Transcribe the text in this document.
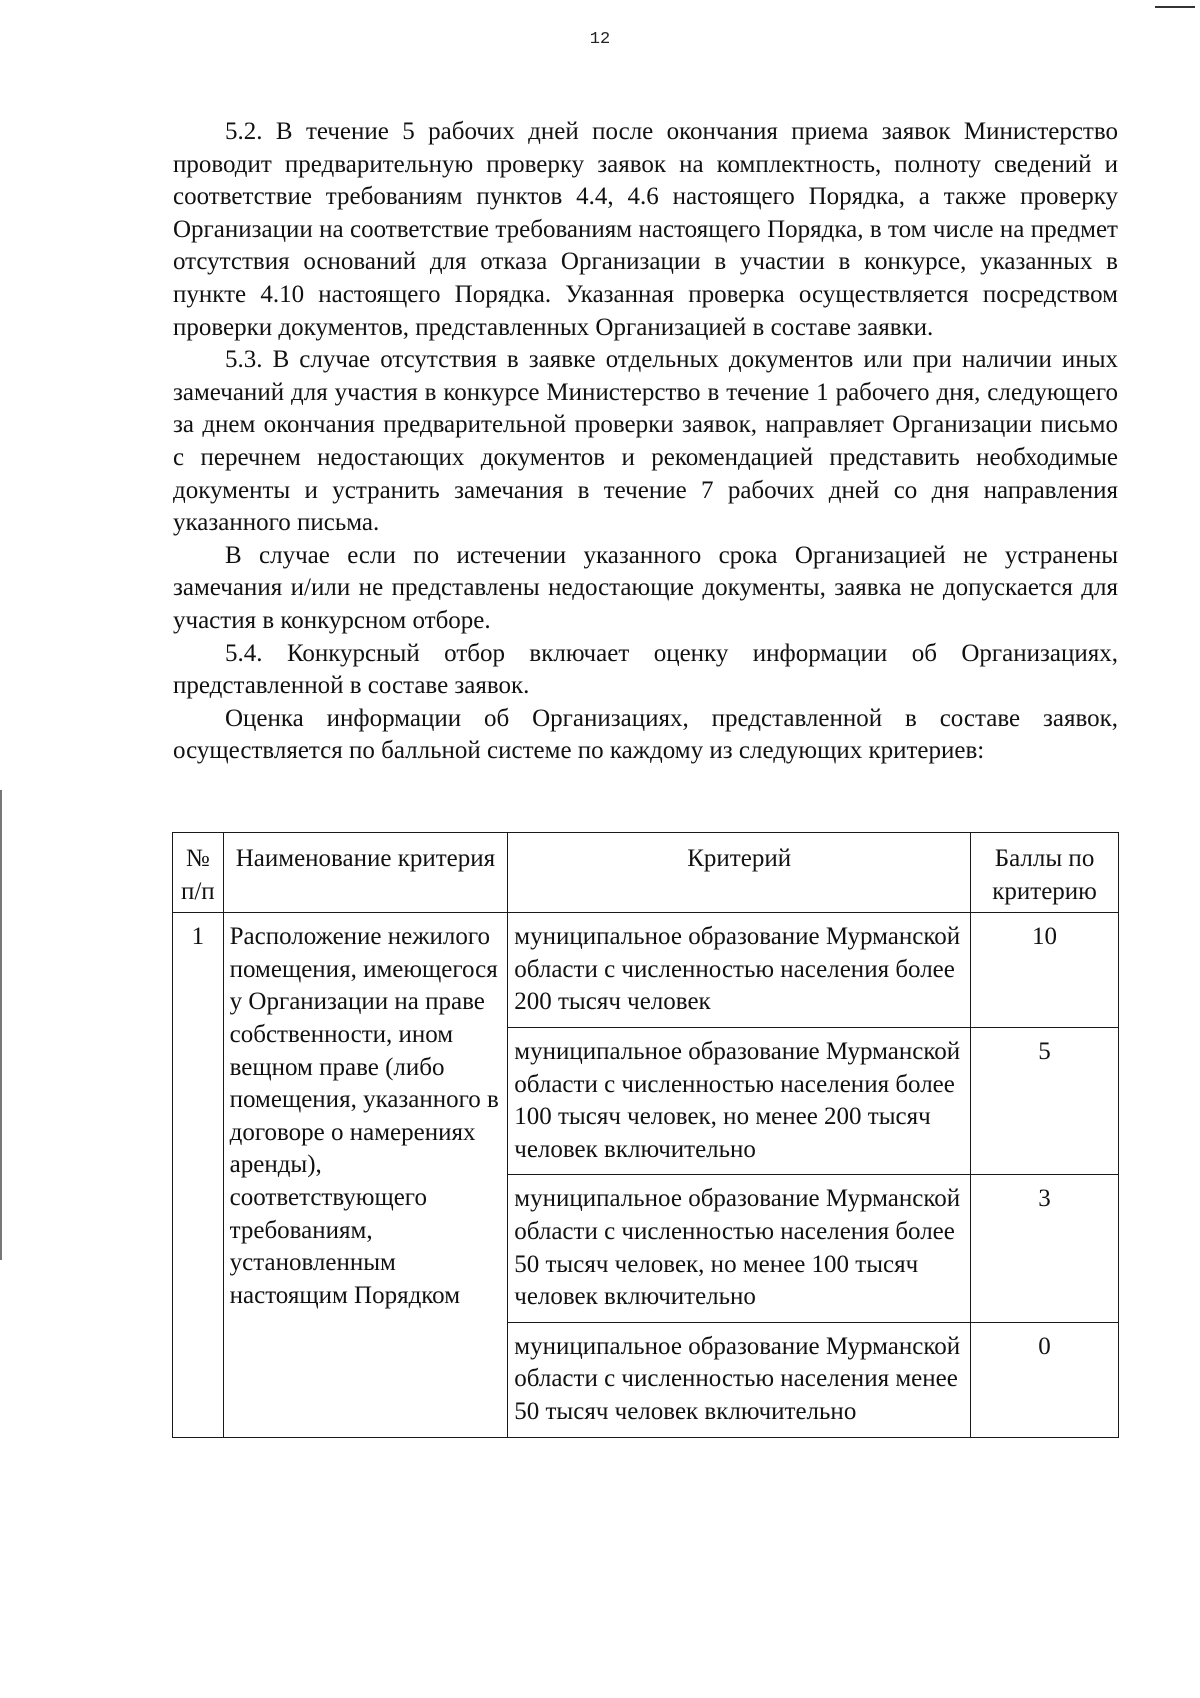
12

5.2. В течение 5 рабочих дней после окончания приема заявок Министерство проводит предварительную проверку заявок на комплектность, полноту сведений и соответствие требованиям пунктов 4.4, 4.6 настоящего Порядка, а также проверку Организации на соответствие требованиям настоящего Порядка, в том числе на предмет отсутствия оснований для отказа Организации в участии в конкурсе, указанных в пункте 4.10 настоящего Порядка. Указанная проверка осуществляется посредством проверки документов, представленных Организацией в составе заявки.

5.3. В случае отсутствия в заявке отдельных документов или при наличии иных замечаний для участия в конкурсе Министерство в течение 1 рабочего дня, следующего за днем окончания предварительной проверки заявок, направляет Организации письмо с перечнем недостающих документов и рекомендацией представить необходимые документы и устранить замечания в течение 7 рабочих дней со дня направления указанного письма.

В случае если по истечении указанного срока Организацией не устранены замечания и/или не представлены недостающие документы, заявка не допускается для участия в конкурсном отборе.

5.4. Конкурсный отбор включает оценку информации об Организациях, представленной в составе заявок.

Оценка информации об Организациях, представленной в составе заявок, осуществляется по балльной системе по каждому из следующих критериев:

№ п/п	Наименование критерия	Критерий	Баллы по критерию
1	Расположение нежилого помещения, имеющегося у Организации на праве собственности, ином вещном праве (либо помещения, указанного в договоре о намерениях аренды), соответствующего требованиям, установленным настоящим Порядком	муниципальное образование Мурманской области с численностью населения более 200 тысяч человек	10
		муниципальное образование Мурманской области с численностью населения более 100 тысяч человек, но менее 200 тысяч человек включительно	5
		муниципальное образование Мурманской области с численностью населения более 50 тысяч человек, но менее 100 тысяч человек включительно	3
		муниципальное образование Мурманской области с численностью населения менее 50 тысяч человек включительно	0
